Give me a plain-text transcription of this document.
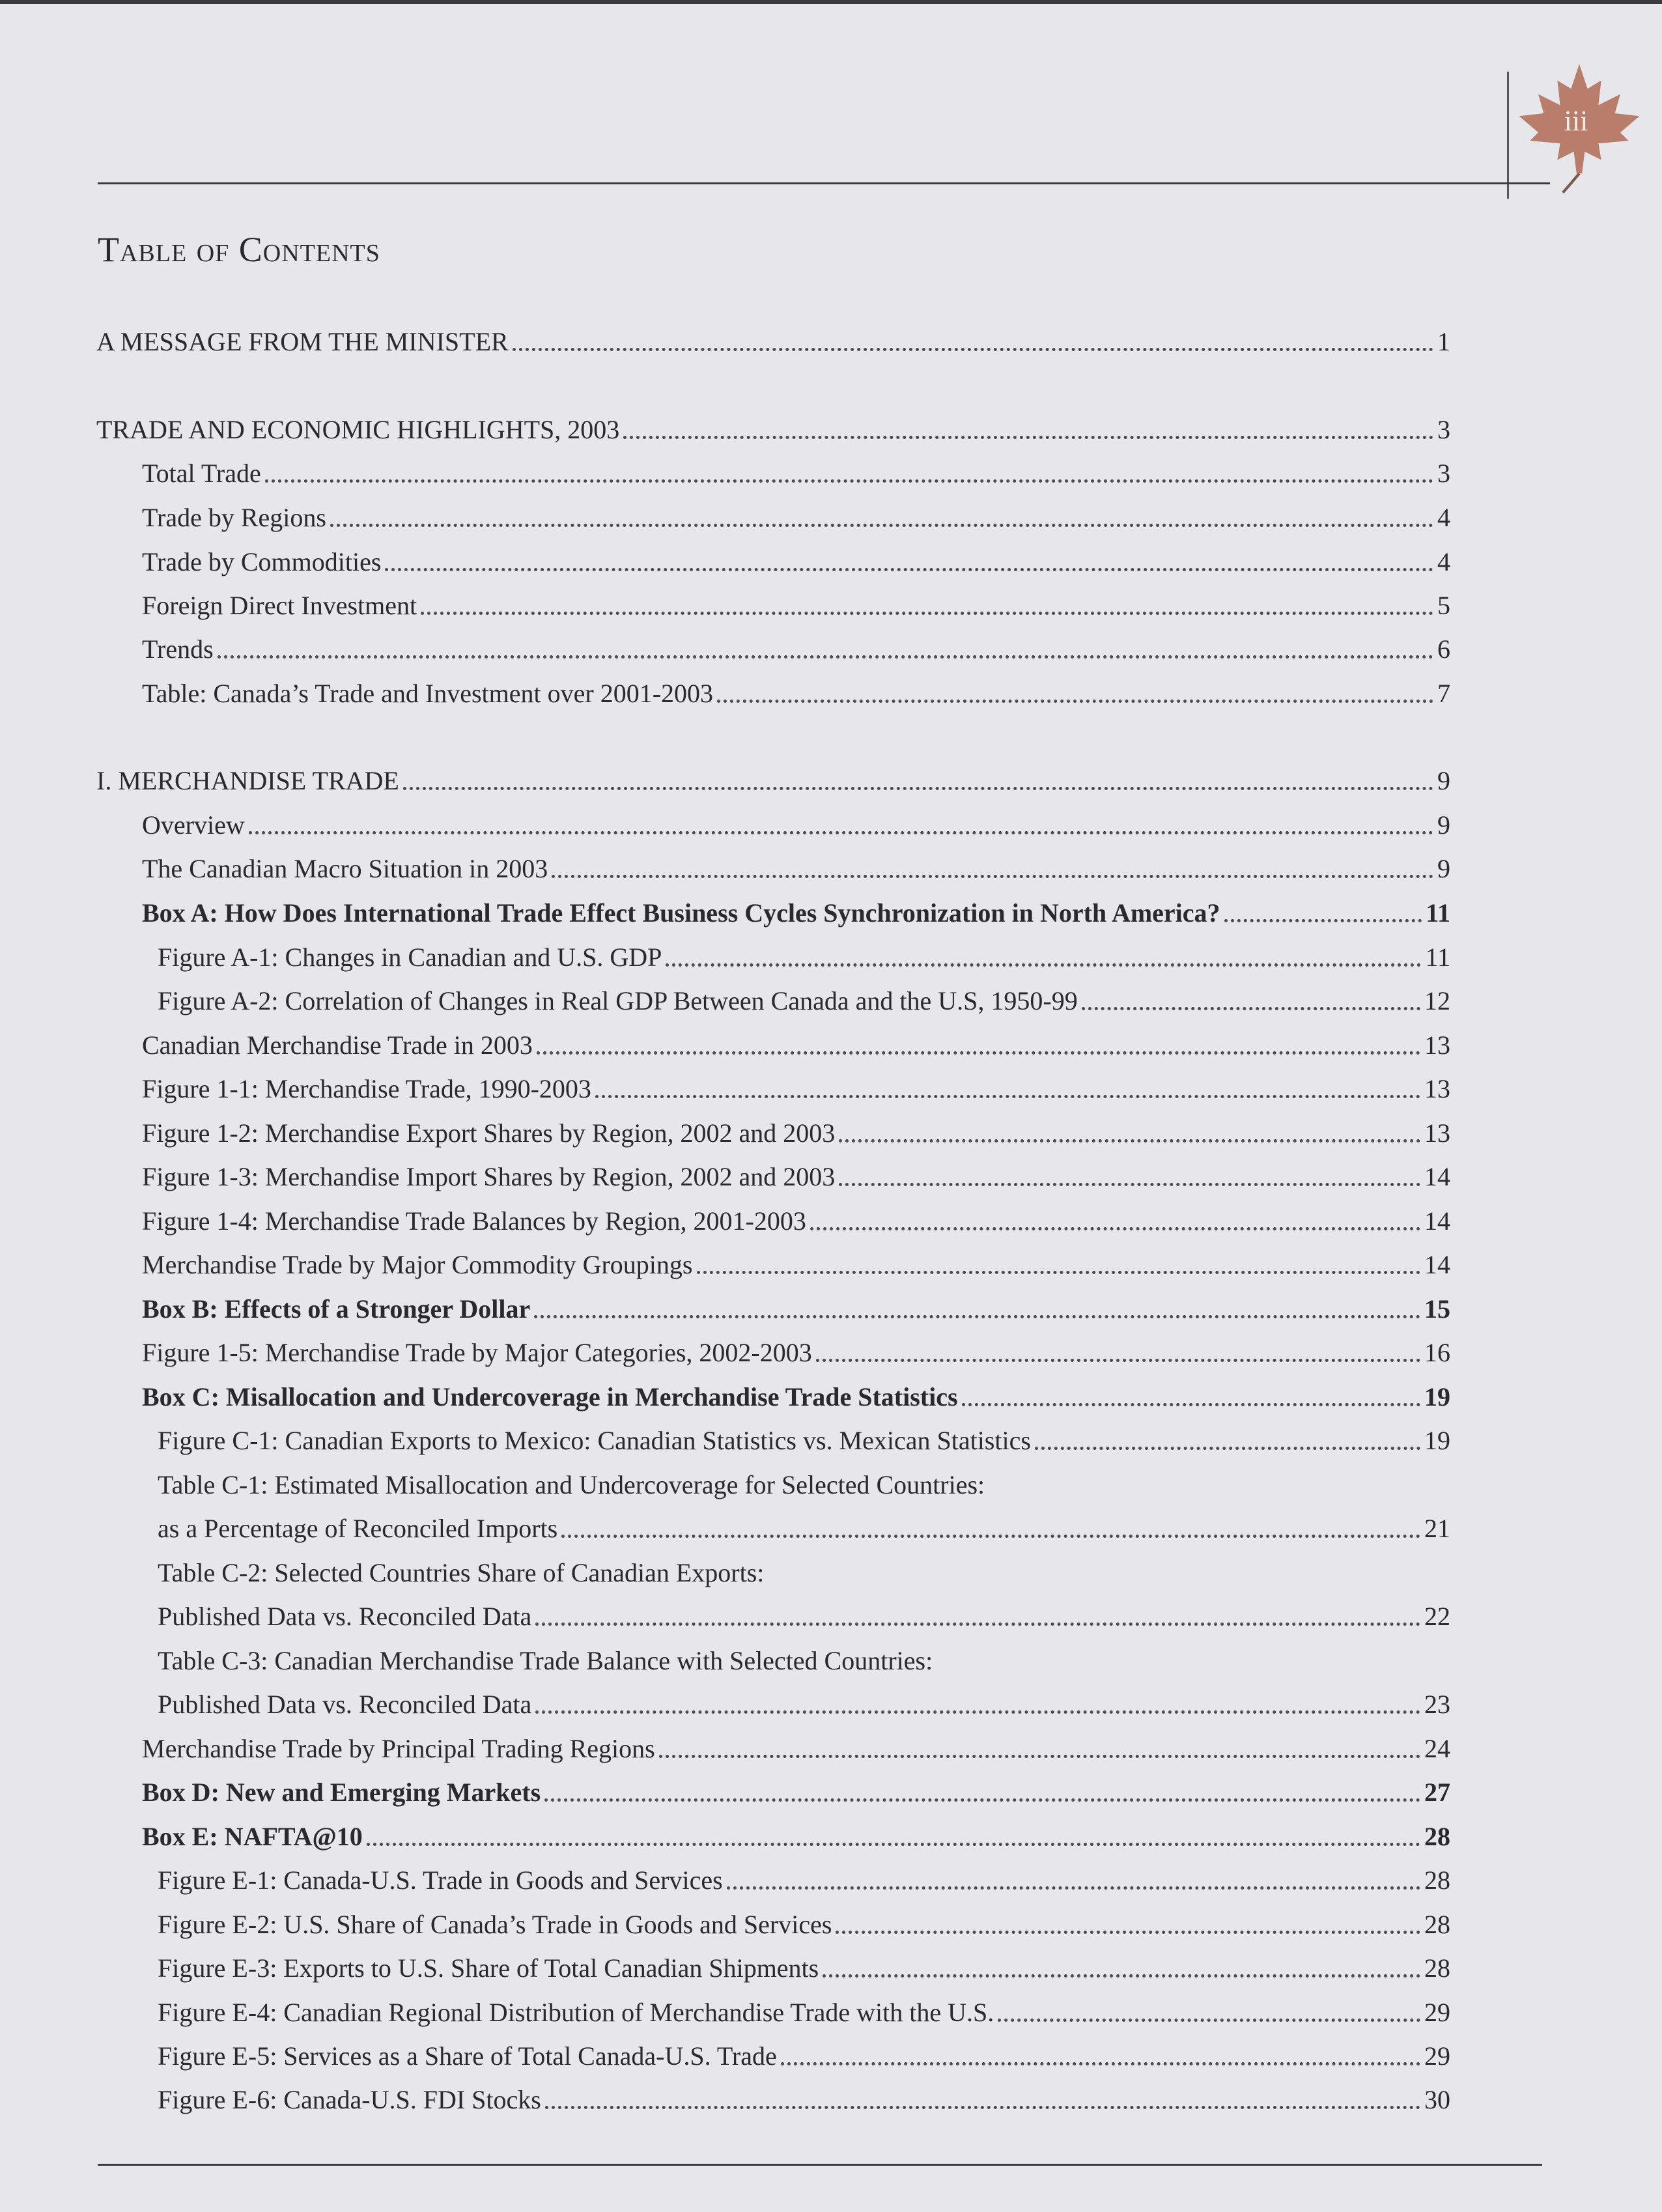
iii
Table of Contents
A MESSAGE FROM THE MINISTER	1
TRADE AND ECONOMIC HIGHLIGHTS, 2003	3
Total Trade	3
Trade by Regions	4
Trade by Commodities	4
Foreign Direct Investment	5
Trends	6
Table: Canada’s Trade and Investment over 2001-2003	7
I. MERCHANDISE TRADE	9
Overview	9
The Canadian Macro Situation in 2003	9
Box A: How Does International Trade Effect Business Cycles Synchronization in North America?	11
Figure A-1: Changes in Canadian and U.S. GDP	11
Figure A-2: Correlation of Changes in Real GDP Between Canada and the U.S, 1950-99	12
Canadian Merchandise Trade in 2003	13
Figure 1-1: Merchandise Trade, 1990-2003	13
Figure 1-2: Merchandise Export Shares by Region, 2002 and 2003	13
Figure 1-3: Merchandise Import Shares by Region, 2002 and 2003	14
Figure 1-4: Merchandise Trade Balances by Region, 2001-2003	14
Merchandise Trade by Major Commodity Groupings	14
Box B: Effects of a Stronger Dollar	15
Figure 1-5: Merchandise Trade by Major Categories, 2002-2003	16
Box C: Misallocation and Undercoverage in Merchandise Trade Statistics	19
Figure C-1: Canadian Exports to Mexico: Canadian Statistics vs. Mexican Statistics	19
Table C-1: Estimated Misallocation and Undercoverage for Selected Countries:
as a Percentage of Reconciled Imports	21
Table C-2: Selected Countries Share of Canadian Exports:
Published Data vs. Reconciled Data	22
Table C-3: Canadian Merchandise Trade Balance with Selected Countries:
Published Data vs. Reconciled Data	23
Merchandise Trade by Principal Trading Regions	24
Box D: New and Emerging Markets	27
Box E: NAFTA@10	28
Figure E-1: Canada-U.S. Trade in Goods and Services	28
Figure E-2: U.S. Share of Canada’s Trade in Goods and Services	28
Figure E-3: Exports to U.S. Share of Total Canadian Shipments	28
Figure E-4: Canadian Regional Distribution of Merchandise Trade with the U.S.	29
Figure E-5: Services as a Share of Total Canada-U.S. Trade	29
Figure E-6: Canada-U.S. FDI Stocks	30
